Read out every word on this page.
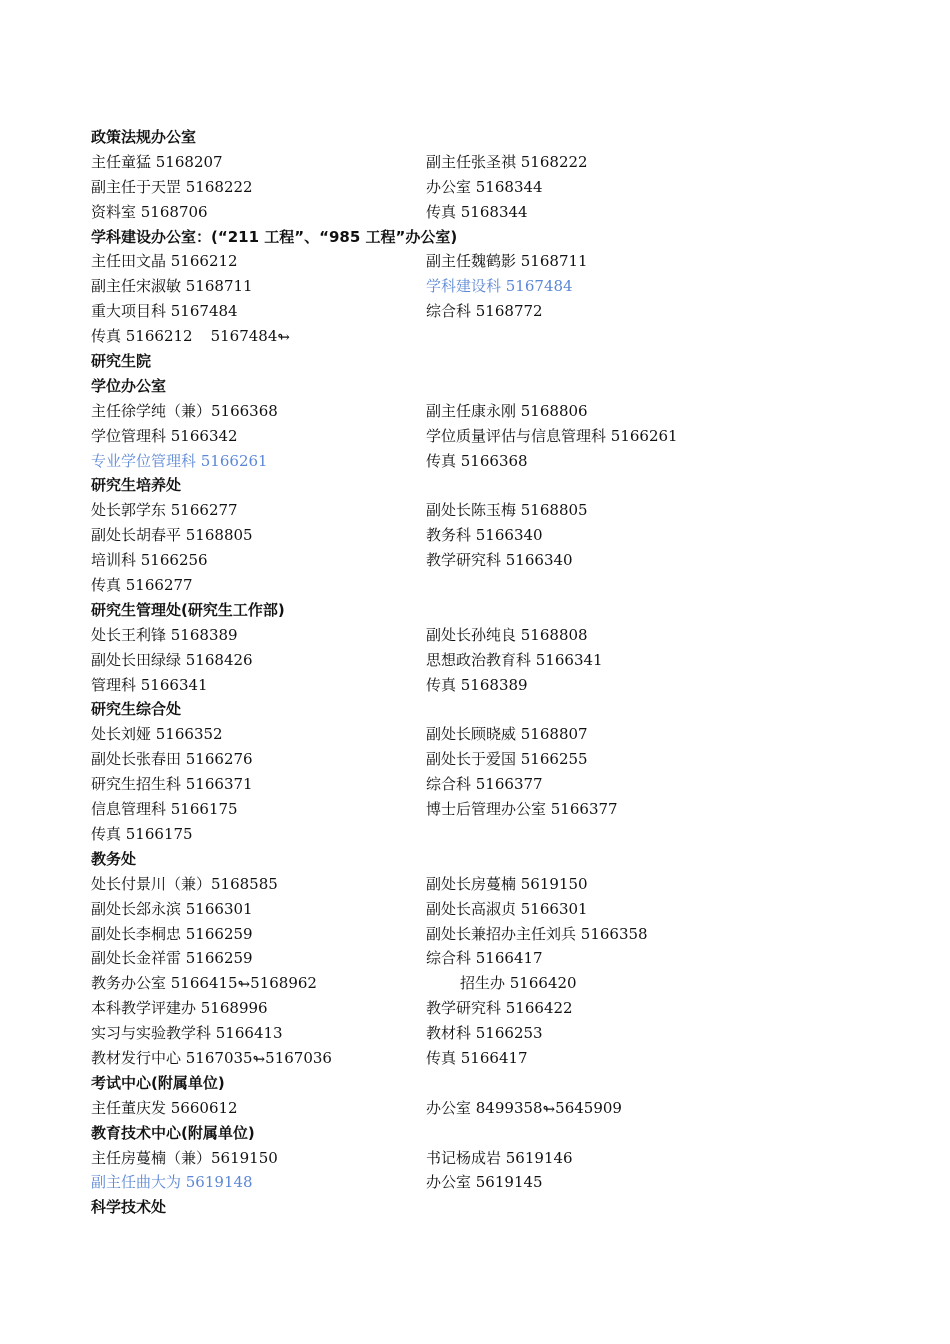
政策法规办公室
主任童猛 5168207	副主任张圣祺 5168222
副主任于天罡 5168222	办公室 5168344
资料室 5168706	传真 5168344
学科建设办公室：(“211 工程”、“985 工程”办公室)
主任田文晶 5166212	副主任魏鹤影 5168711
副主任宋淑敏 5168711	学科建设科 5167484
重大项目科 5167484	综合科 5168772
传真 5166212 5167484↬
研究生院
学位办公室
主任徐学纯（兼）5166368	副主任康永刚 5168806
学位管理科 5166342	学位质量评估与信息管理科 5166261
专业学位管理科 5166261	传真 5166368
研究生培养处
处长郭学东 5166277	副处长陈玉梅 5168805
副处长胡春平 5168805	教务科 5166340
培训科 5166256	教学研究科 5166340
传真 5166277
研究生管理处(研究生工作部)
处长王利锋 5168389	副处长孙纯良 5168808
副处长田绿绿 5168426	思想政治教育科 5166341
管理科 5166341	传真 5168389
研究生综合处
处长刘娅 5166352	副处长顾晓威 5168807
副处长张春田 5166276	副处长于爱国 5166255
研究生招生科 5166371	综合科 5166377
信息管理科 5166175	博士后管理办公室 5166377
传真 5166175
教务处
处长付景川（兼）5168585	副处长房蔓楠 5619150
副处长郐永滨 5166301	副处长高淑贞 5166301
副处长李桐忠 5166259	副处长兼招办主任刘兵 5166358
副处长金祥雷 5166259	综合科 5166417
教务办公室 5166415↬5168962	招生办 5166420
本科教学评建办 5168996	教学研究科 5166422
实习与实验教学科 5166413	教材科 5166253
教材发行中心 5167035↬5167036	传真 5166417
考试中心(附属单位)
主任董庆发 5660612	办公室 8499358↬5645909
教育技术中心(附属单位)
主任房蔓楠（兼）5619150	书记杨成岩 5619146
副主任曲大为 5619148	办公室 5619145
科学技术处
